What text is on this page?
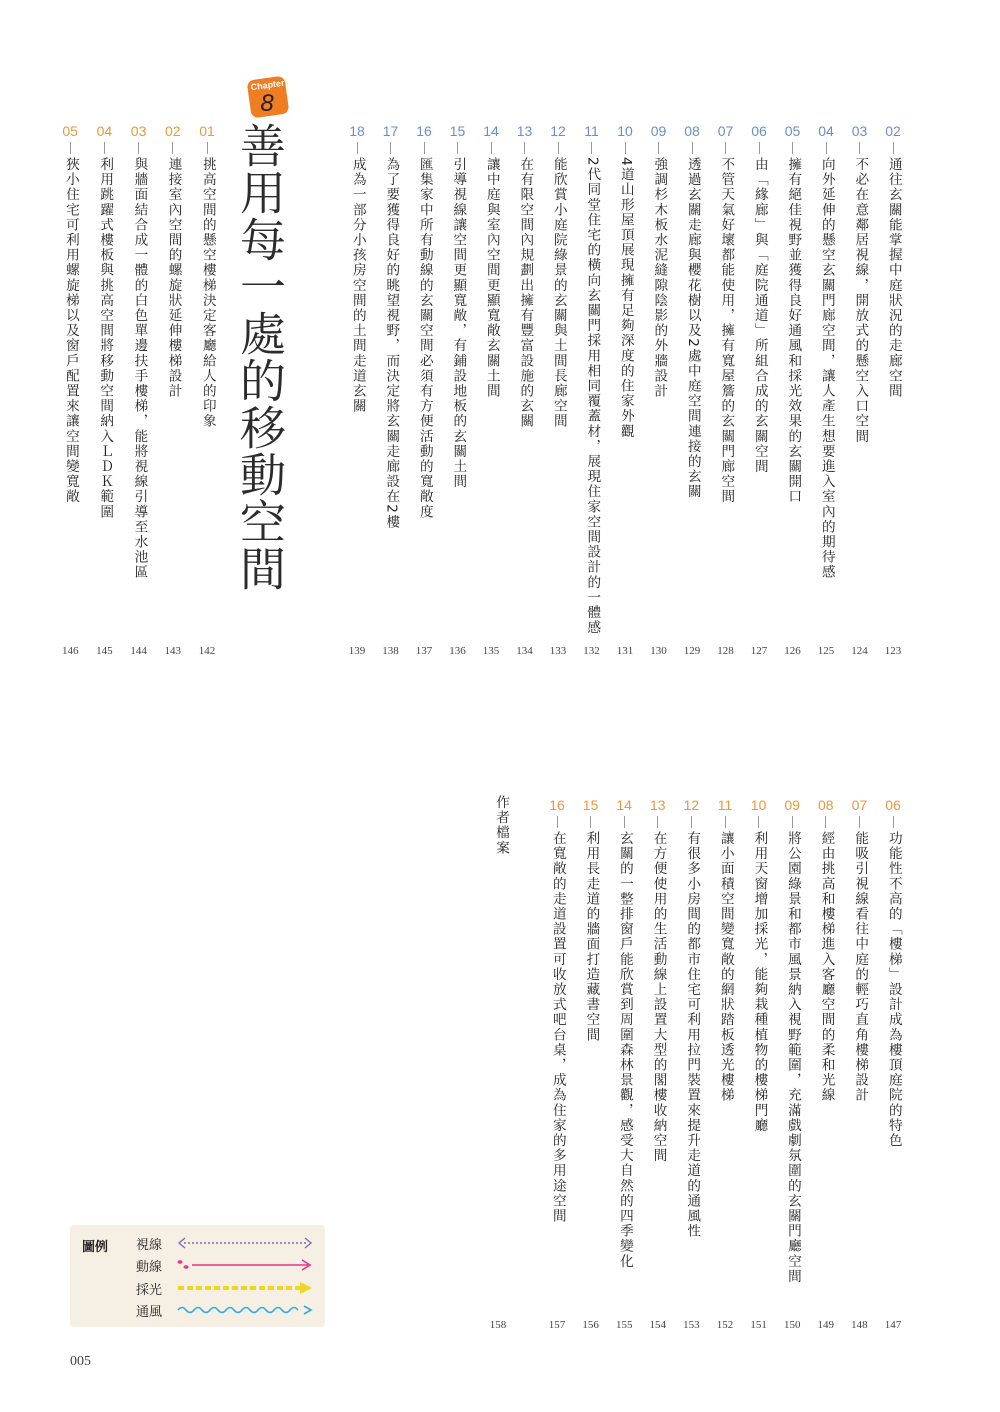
Chapter
8
善用每一處的移動空間	02
通往玄關能掌握中庭狀況的走廊空間
123
03
不必在意鄰居視線，開放式的懸空入口空間
124
04
向外延伸的懸空玄關門廊空間，讓人產生想要進入室內的期待感
125
05
擁有絕佳視野並獲得良好通風和採光效果的玄關開口
126
06
由「緣廊」與「庭院通道」所組合成的玄關空間
127
07
不管天氣好壞都能使用，擁有寬屋簷的玄關門廊空間
128
08
透過玄關走廊與櫻花樹以及2處中庭空間連接的玄關
129
09
強調杉木板水泥縫隙陰影的外牆設計
130
10
4道山形屋頂展現擁有足夠深度的住家外觀
131
11
2代同堂住宅的橫向玄關門採用相同覆蓋材，展現住家空間設計的一體感
132
12
能欣賞小庭院綠景的玄關與土間長廊空間
133
13
在有限空間內規劃出擁有豐富設施的玄關
134
14
讓中庭與室內空間更顯寬敞玄關土間
135
15
引導視線讓空間更顯寬敞，有鋪設地板的玄關土間
136
16
匯集家中所有動線的玄關空間必須有方便活動的寬敞度
137
17
為了要獲得良好的眺望視野，而決定將玄關走廊設在2樓
138
18
成為一部分小孩房空間的土間走道玄關
139
01
挑高空間的懸空樓梯決定客廳給人的印象
142
02
連接室內空間的螺旋狀延伸樓梯設計
143
03
與牆面結合成一體的白色單邊扶手樓梯，能將視線引導至水池區
144
04
利用跳躍式樓板與挑高空間將移動空間納入ＬＤＫ範圍
145
05
狹小住宅可利用螺旋梯以及窗戶配置來讓空間變寬敞
146
06
功能性不高的「樓梯」設計成為樓頂庭院的特色
147
07
能吸引視線看往中庭的輕巧直角樓梯設計
148
08
經由挑高和樓梯進入客廳空間的柔和光線
149
09
將公園綠景和都市風景納入視野範圍，充滿戲劇氛圍的玄關門廳空間
150
10
利用天窗增加採光，能夠栽種植物的樓梯門廳
151
11
讓小面積空間變寬敞的網狀踏板透光樓梯
152
12
有很多小房間的都市住宅可利用拉門裝置來提升走道的通風性
153
13
在方便使用的生活動線上設置大型的閣樓收納空間
154
14
玄關的一整排窗戶能欣賞到周圍森林景觀，感受大自然的四季變化
155
15
利用長走道的牆面打造藏書空間
156
16
在寬敞的走道設置可收放式吧台桌，成為住家的多用途空間
157
作者檔案
158
圖例 視線
動線
採光
通風
005
